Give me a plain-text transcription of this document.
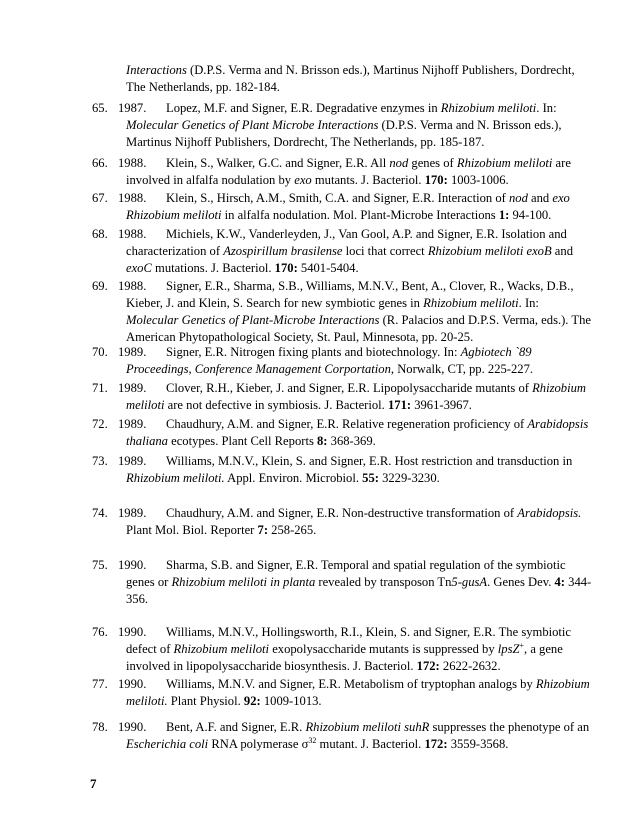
Interactions (D.P.S. Verma and N. Brisson eds.), Martinus Nijhoff Publishers, Dordrecht, The Netherlands, pp. 182-184.
65. 1987. Lopez, M.F. and Signer, E.R. Degradative enzymes in Rhizobium meliloti. In: Molecular Genetics of Plant Microbe Interactions (D.P.S. Verma and N. Brisson eds.), Martinus Nijhoff Publishers, Dordrecht, The Netherlands, pp. 185-187.
66. 1988. Klein, S., Walker, G.C. and Signer, E.R. All nod genes of Rhizobium meliloti are involved in alfalfa nodulation by exo mutants. J. Bacteriol. 170: 1003-1006.
67. 1988. Klein, S., Hirsch, A.M., Smith, C.A. and Signer, E.R. Interaction of nod and exo Rhizobium meliloti in alfalfa nodulation. Mol. Plant-Microbe Interactions 1: 94-100.
68. 1988. Michiels, K.W., Vanderleyden, J., Van Gool, A.P. and Signer, E.R. Isolation and characterization of Azospirillum brasilense loci that correct Rhizobium meliloti exoB and exoC mutations. J. Bacteriol. 170: 5401-5404.
69. 1988. Signer, E.R., Sharma, S.B., Williams, M.N.V., Bent, A., Clover, R., Wacks, D.B., Kieber, J. and Klein, S. Search for new symbiotic genes in Rhizobium meliloti. In: Molecular Genetics of Plant-Microbe Interactions (R. Palacios and D.P.S. Verma, eds.). The American Phytopathological Society, St. Paul, Minnesota, pp. 20-25.
70. 1989. Signer, E.R. Nitrogen fixing plants and biotechnology. In: Agbiotech `89 Proceedings, Conference Management Corportation, Norwalk, CT, pp. 225-227.
71. 1989. Clover, R.H., Kieber, J. and Signer, E.R. Lipopolysaccharide mutants of Rhizobium meliloti are not defective in symbiosis. J. Bacteriol. 171: 3961-3967.
72. 1989. Chaudhury, A.M. and Signer, E.R. Relative regeneration proficiency of Arabidopsis thaliana ecotypes. Plant Cell Reports 8: 368-369.
73. 1989. Williams, M.N.V., Klein, S. and Signer, E.R. Host restriction and transduction in Rhizobium meliloti. Appl. Environ. Microbiol. 55: 3229-3230.
74. 1989. Chaudhury, A.M. and Signer, E.R. Non-destructive transformation of Arabidopsis. Plant Mol. Biol. Reporter 7: 258-265.
75. 1990. Sharma, S.B. and Signer, E.R. Temporal and spatial regulation of the symbiotic genes or Rhizobium meliloti in planta revealed by transposon Tn5-gusA. Genes Dev. 4: 344-356.
76. 1990. Williams, M.N.V., Hollingsworth, R.I., Klein, S. and Signer, E.R. The symbiotic defect of Rhizobium meliloti exopolysaccharide mutants is suppressed by lpsZ+, a gene involved in lipopolysaccharide biosynthesis. J. Bacteriol. 172: 2622-2632.
77. 1990. Williams, M.N.V. and Signer, E.R. Metabolism of tryptophan analogs by Rhizobium meliloti. Plant Physiol. 92: 1009-1013.
78. 1990. Bent, A.F. and Signer, E.R. Rhizobium meliloti suhR suppresses the phenotype of an Escherichia coli RNA polymerase $\sigma^{32}$ mutant. J. Bacteriol. 172: 3559-3568.
7
